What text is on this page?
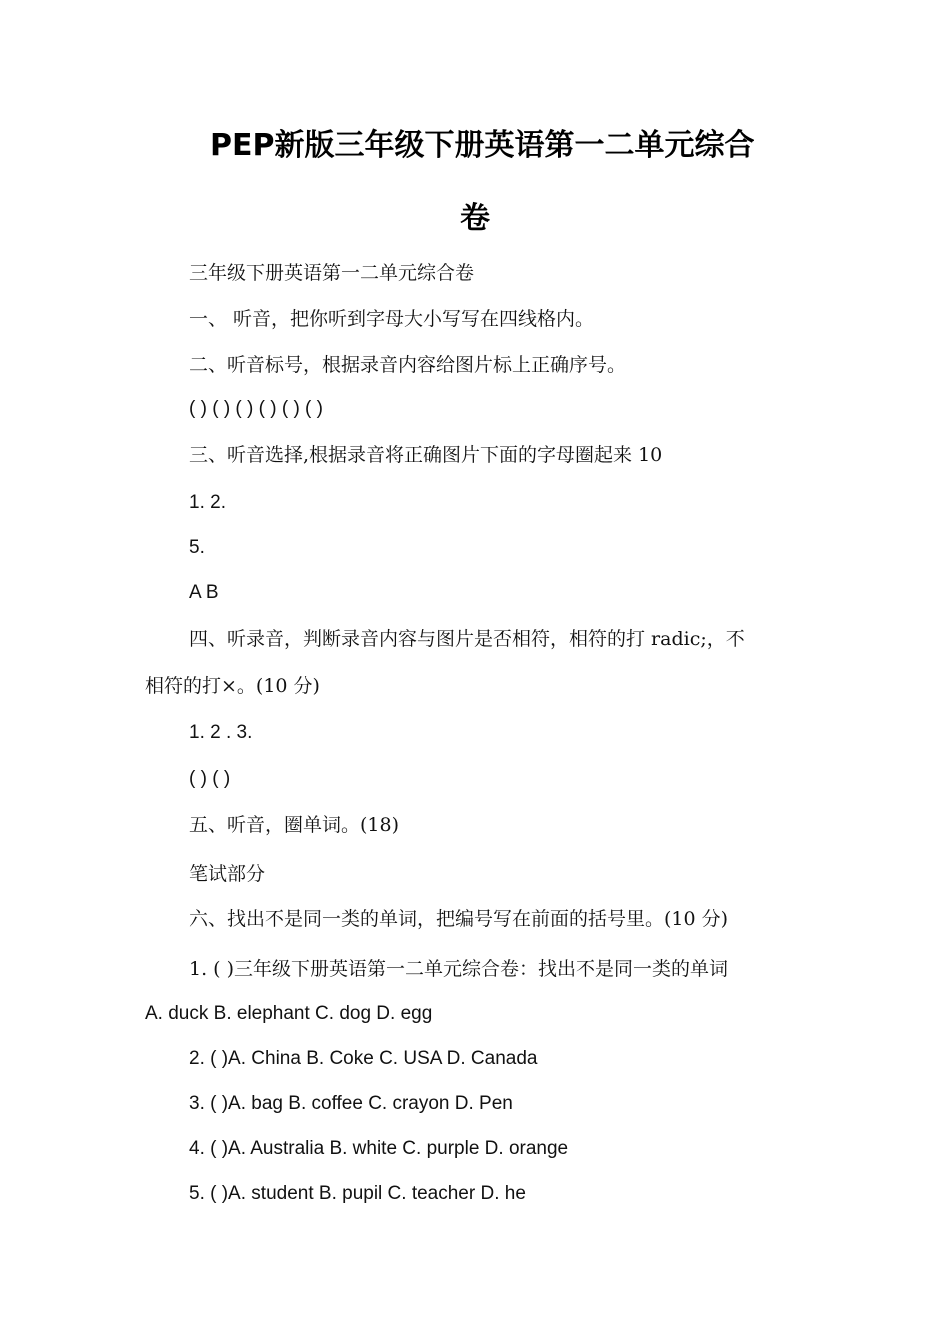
PEP新版三年级下册英语第一二单元综合
卷
三年级下册英语第一二单元综合卷
一、 听音，把你听到字母大小写写在四线格内。
二、听音标号，根据录音内容给图片标上正确序号。
( ) ( ) ( ) ( ) ( ) ( )
三、听音选择,根据录音将正确图片下面的字母圈起来 10
1. 2.
5.
A B
四、听录音，判断录音内容与图片是否相符，相符的打 radic;，不
相符的打×。(10 分)
1. 2 . 3.
( ) ( )
五、听音，圈单词。(18)
笔试部分
六、找出不是同一类的单词，把编号写在前面的括号里。(10 分)
1. ( )三年级下册英语第一二单元综合卷：找出不是同一类的单词
A. duck B. elephant C. dog D. egg
2. ( )A. China B. Coke C. USA D. Canada
3. ( )A. bag B. coffee C. crayon D. Pen
4. ( )A. Australia B. white C. purple D. orange
5. ( )A. student B. pupil C. teacher D. he
